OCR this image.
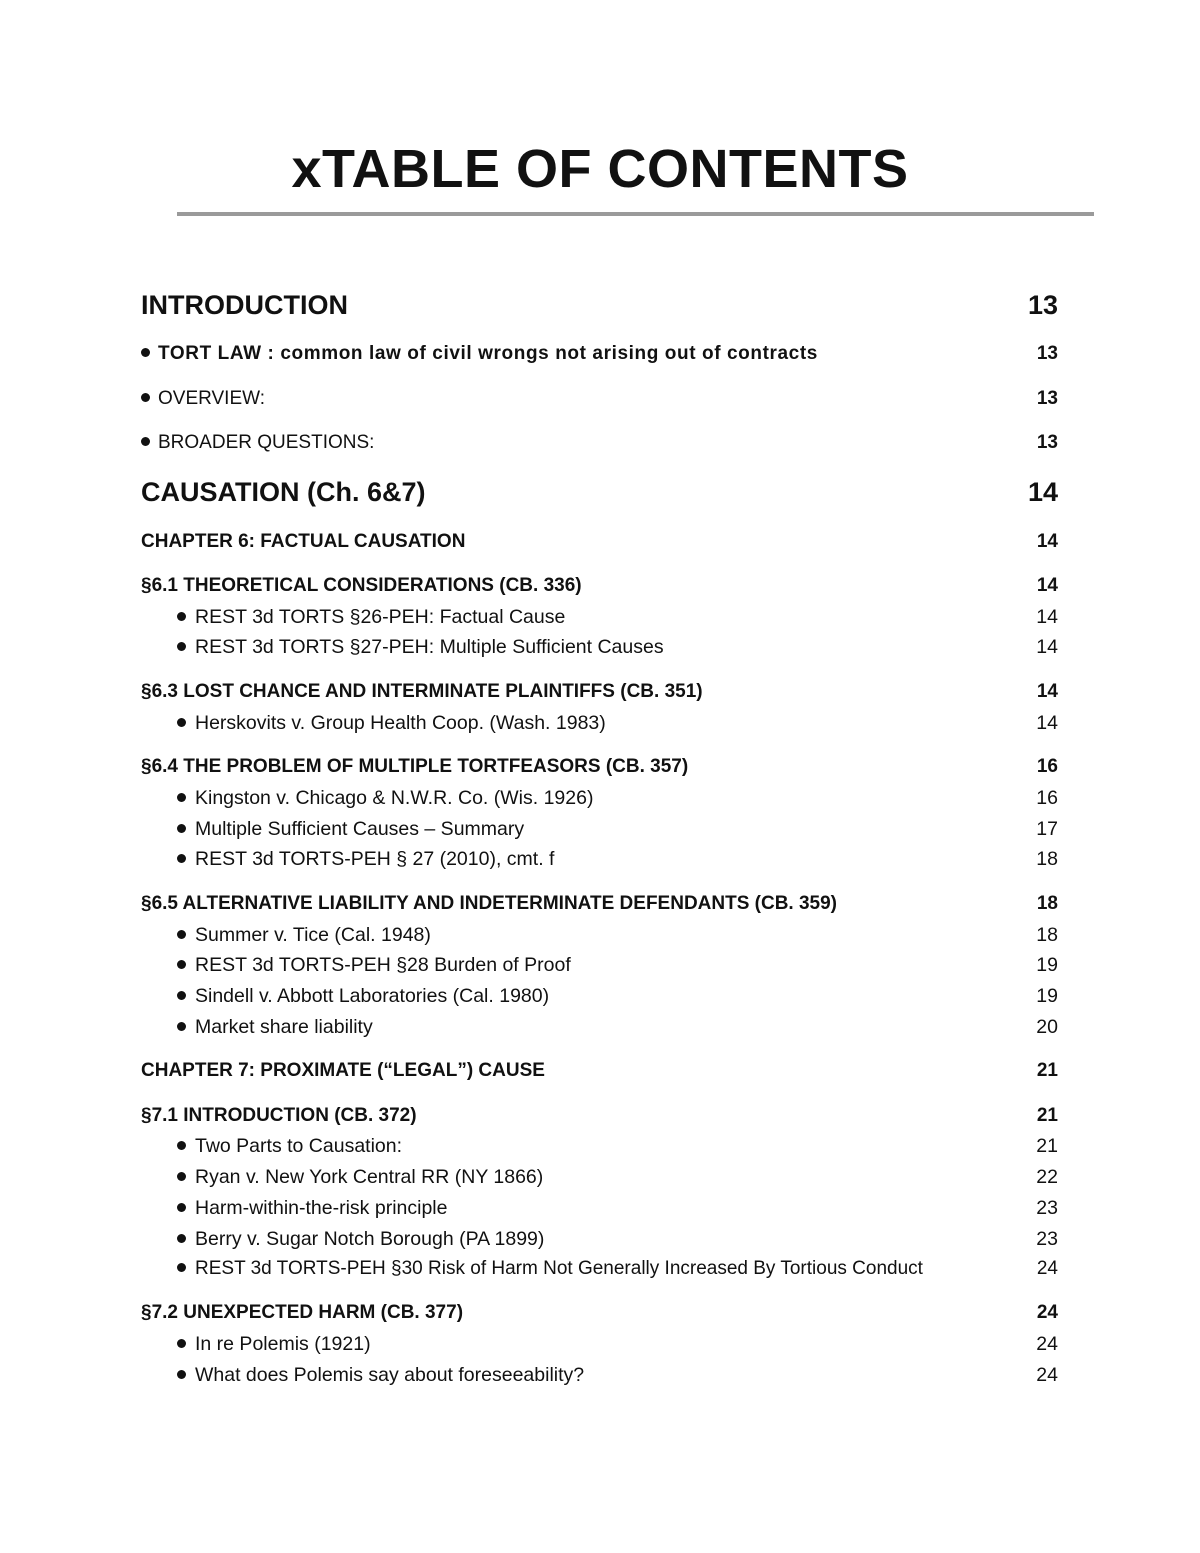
xTABLE OF CONTENTS
INTRODUCTION	13
TORT LAW : common law of civil wrongs not arising out of contracts	13
OVERVIEW:	13
BROADER QUESTIONS:	13
CAUSATION (Ch. 6&7)	14
CHAPTER 6: FACTUAL CAUSATION	14
§6.1 THEORETICAL CONSIDERATIONS (CB. 336)	14
REST 3d TORTS §26-PEH: Factual Cause	14
REST 3d TORTS §27-PEH: Multiple Sufficient Causes	14
§6.3 LOST CHANCE AND INTERMINATE PLAINTIFFS (CB. 351)	14
Herskovits v. Group Health Coop. (Wash. 1983)	14
§6.4 THE PROBLEM OF MULTIPLE TORTFEASORS (CB. 357)	16
Kingston v. Chicago & N.W.R. Co. (Wis. 1926)	16
Multiple Sufficient Causes – Summary	17
REST 3d TORTS-PEH § 27 (2010), cmt. f	18
§6.5 ALTERNATIVE LIABILITY AND INDETERMINATE DEFENDANTS (CB. 359)	18
Summer v. Tice (Cal. 1948)	18
REST 3d TORTS-PEH §28 Burden of Proof	19
Sindell v. Abbott Laboratories (Cal. 1980)	19
Market share liability	20
CHAPTER 7: PROXIMATE (“LEGAL”) CAUSE	21
§7.1 INTRODUCTION (CB. 372)	21
Two Parts to Causation:	21
Ryan v. New York Central RR (NY 1866)	22
Harm-within-the-risk principle	23
Berry v. Sugar Notch Borough (PA 1899)	23
REST 3d TORTS-PEH §30 Risk of Harm Not Generally Increased By Tortious Conduct	24
§7.2 UNEXPECTED HARM (CB. 377)	24
In re Polemis (1921)	24
What does Polemis say about foreseeability?	24
